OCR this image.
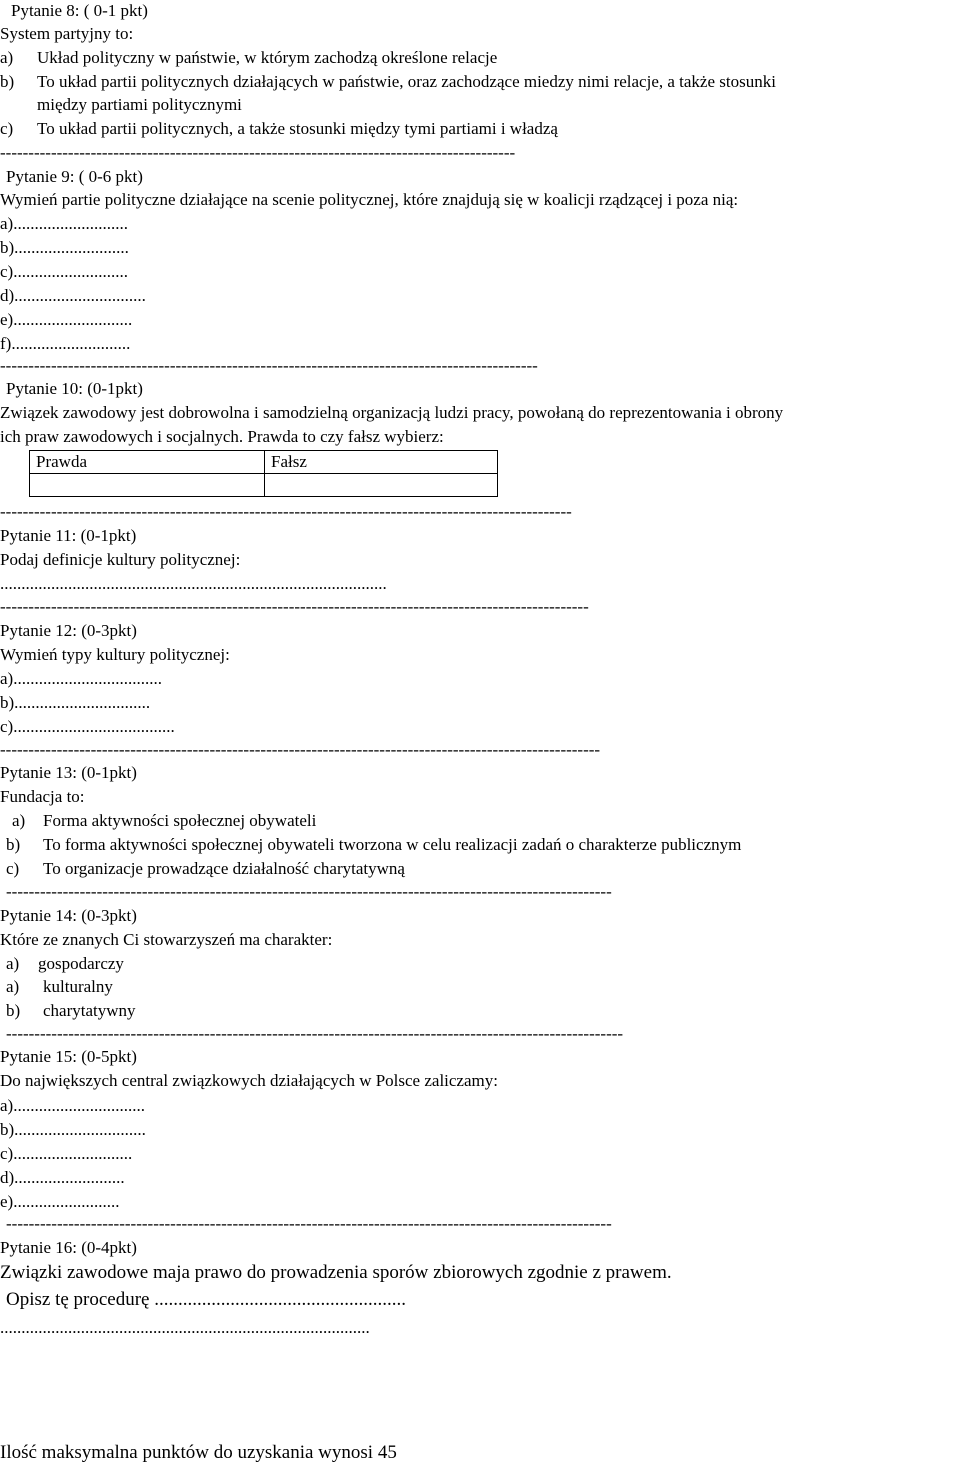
Pytanie 8: ( 0-1 pkt)
System partyjny to:
a) Układ polityczny w państwie, w którym zachodzą określone relacje
b) To układ partii politycznych działających w państwie, oraz zachodzące miedzy nimi relacje, a także stosunki
między partiami politycznymi
c) To układ partii politycznych, a także stosunki między tymi partiami i władzą
-------------------------------------------------------------------------------------------
Pytanie 9: ( 0-6 pkt)
Wymień partie polityczne działające na scenie politycznej, które znajdują się w koalicji rządzącej i poza nią:
a)...........................
b)...........................
c)...........................
d)...............................
e)............................
f)............................
-----------------------------------------------------------------------------------------------
Pytanie 10: (0-1pkt)
Związek zawodowy jest dobrowolna i samodzielną organizacją ludzi pracy, powołaną do reprezentowania i obrony
ich praw zawodowych i socjalnych. Prawda to czy fałsz wybierz:
Prawda	Fałsz

-----------------------------------------------------------------------------------------------------
Pytanie 11: (0-1pkt)
Podaj definicje kultury politycznej:
...........................................................................................
--------------------------------------------------------------------------------------------------------
Pytanie 12: (0-3pkt)
Wymień typy kultury politycznej:
a)...................................
b)................................
c)......................................
----------------------------------------------------------------------------------------------------------
Pytanie 13: (0-1pkt)
Fundacja to:
a) Forma aktywności społecznej obywateli
b) To forma aktywności społecznej obywateli tworzona w celu realizacji zadań o charakterze publicznym
c) To organizacje prowadzące działalność charytatywną
-----------------------------------------------------------------------------------------------------------
Pytanie 14: (0-3pkt)
Które ze znanych Ci stowarzyszeń ma charakter:
a) gospodarczy
a) kulturalny
b) charytatywny
-------------------------------------------------------------------------------------------------------------
Pytanie 15: (0-5pkt)
Do największych central związkowych działających w Polsce zaliczamy:
a)...............................
b)...............................
c)............................
d)..........................
e).........................
-----------------------------------------------------------------------------------------------------------
Pytanie 16: (0-4pkt)
Związki zawodowe maja prawo do prowadzenia sporów zbiorowych zgodnie z prawem.
Opisz tę procedurę .....................................................
.......................................................................................
Ilość maksymalna punktów do uzyskania wynosi 45
